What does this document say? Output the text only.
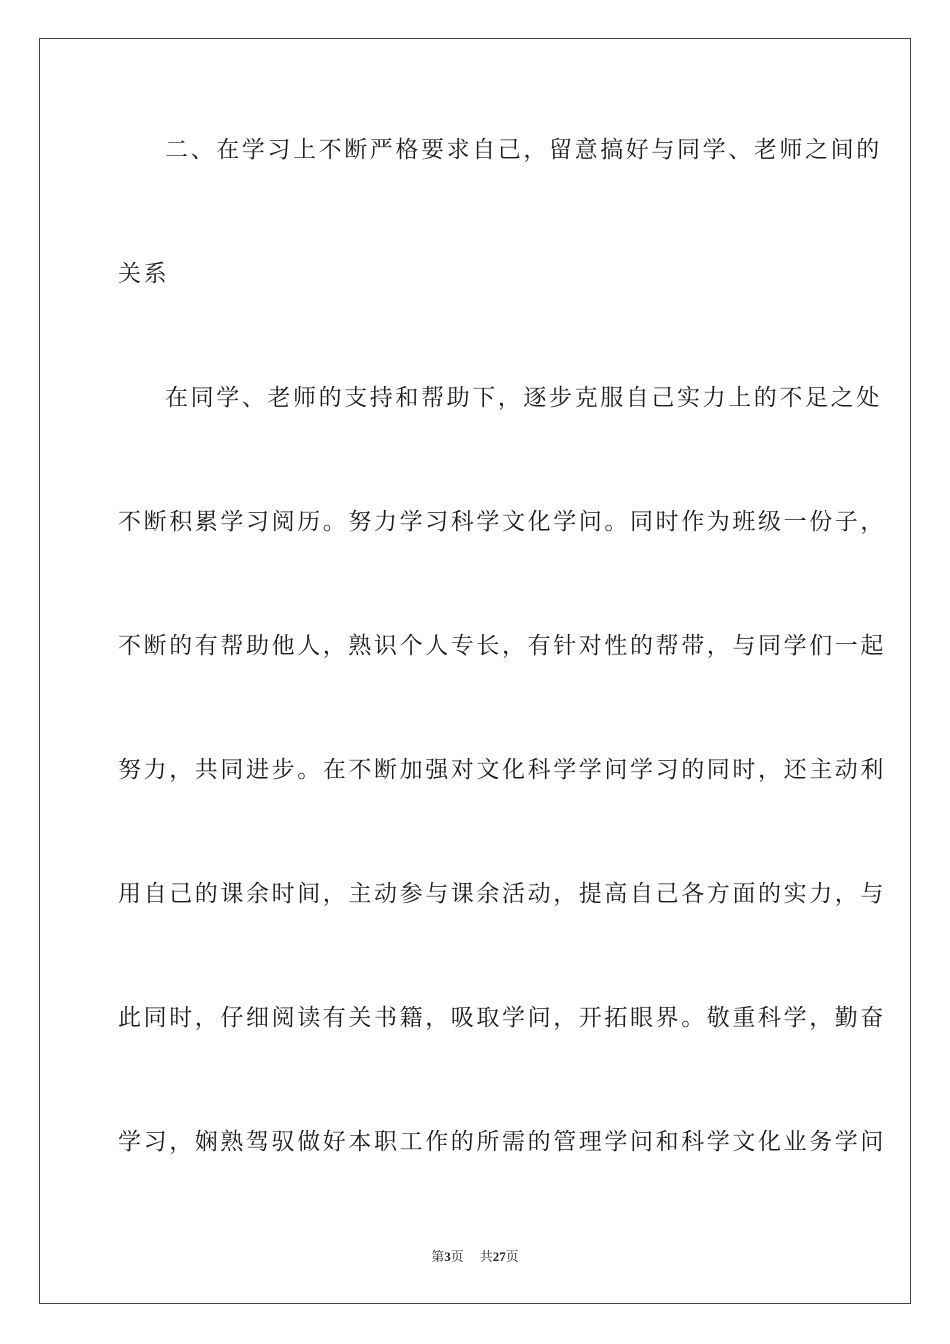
二、在学习上不断严格要求自己，留意搞好与同学、老师之间的
关系
在同学、老师的支持和帮助下，逐步克服自己实力上的不足之处
不断积累学习阅历。努力学习科学文化学问。同时作为班级一份子，
不断的有帮助他人，熟识个人专长，有针对性的帮带，与同学们一起
努力，共同进步。在不断加强对文化科学学问学习的同时，还主动利
用自己的课余时间，主动参与课余活动，提高自己各方面的实力，与
此同时，仔细阅读有关书籍，吸取学问，开拓眼界。敬重科学，勤奋
学习，娴熟驾驭做好本职工作的所需的管理学问和科学文化业务学问
第3页 共27页
